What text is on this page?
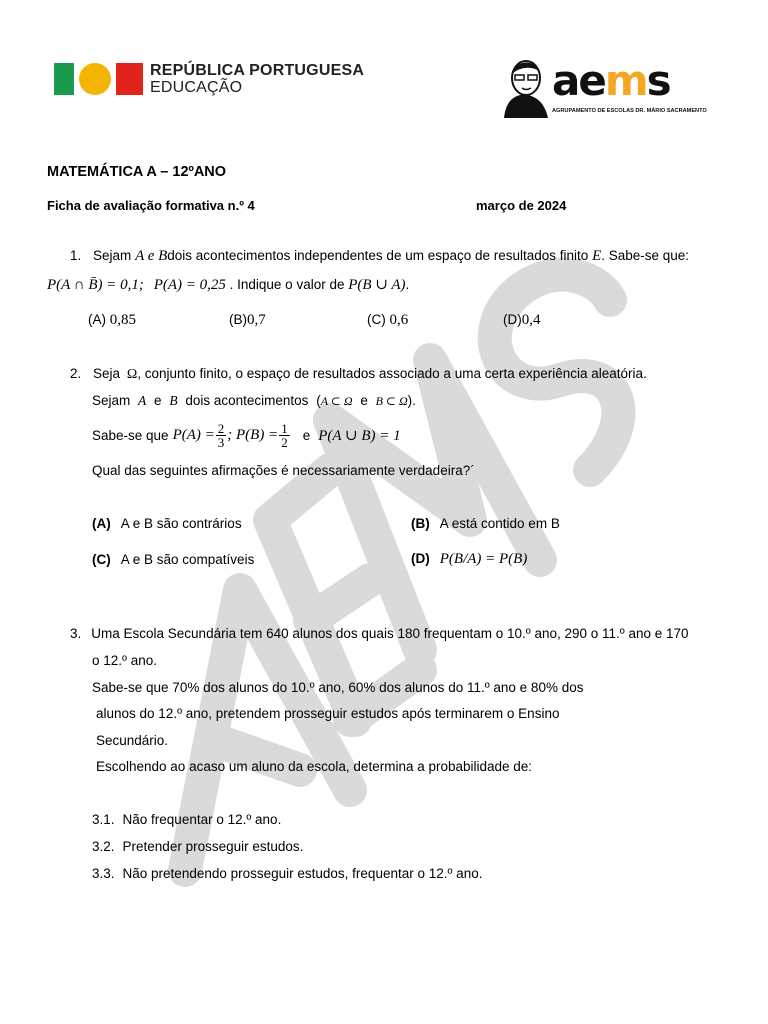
REPÚBLICA PORTUGUESA
EDUCAÇÃO	aems
AGRUPAMENTO DE ESCOLAS DR. MÁRIO SACRAMENTO
MATEMÁTICA A – 12ºANO
Ficha de avaliação formativa n.º 4	março de 2024
1. Sejam A e Bdois acontecimentos independentes de um espaço de resultados finito E. Sabe-se que:
P(A ∩ B̄) = 0,1; P(A) = 0,25 . Indique o valor de P(B ∪ A).
(A) 0,85	(B)0,7	(C) 0,6	(D)0,4
2. Seja Ω, conjunto finito, o espaço de resultados associado a uma certa experiência aleatória.
Sejam A e B dois acontecimentos (A ⊂ Ω e B ⊂ Ω).
Sabe-se que $P(A) = \frac{2}{3}$ ; $P(B) = \frac{1}{2}$ e P(A ∪ B) = 1
Qual das seguintes afirmações é necessariamente verdadeira?´
(A) A e B são contrários	(B) A está contido em B
(C) A e B são compatíveis	(D) P(B/A) = P(B)
3. Uma Escola Secundária tem 640 alunos dos quais 180 frequentam o 10.º ano, 290 o 11.º ano e 170
o 12.º ano.
Sabe-se que 70% dos alunos do 10.º ano, 60% dos alunos do 11.º ano e 80% dos
alunos do 12.º ano, pretendem prosseguir estudos após terminarem o Ensino
Secundário.
Escolhendo ao acaso um aluno da escola, determina a probabilidade de:
3.1. Não frequentar o 12.º ano.
3.2. Pretender prosseguir estudos.
3.3. Não pretendendo prosseguir estudos, frequentar o 12.º ano.
